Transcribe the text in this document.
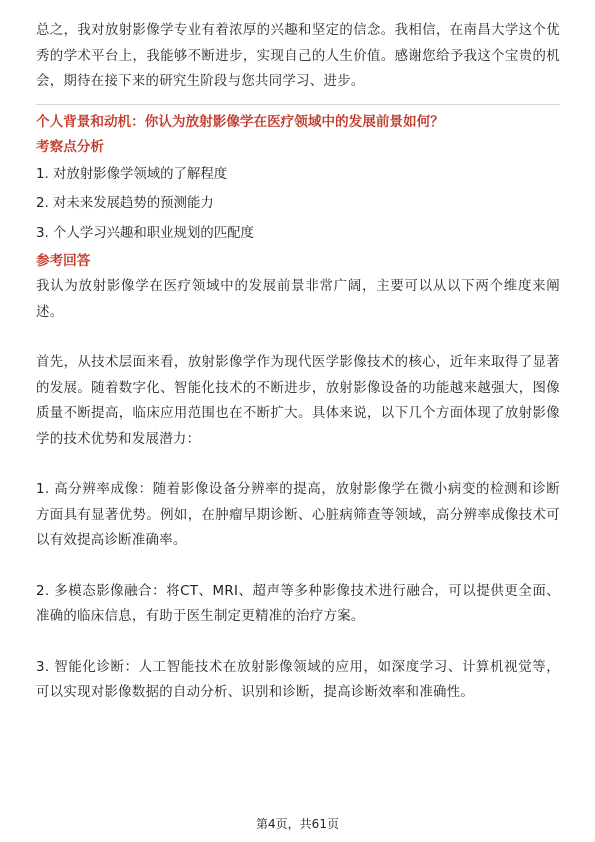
总之，我对放射影像学专业有着浓厚的兴趣和坚定的信念。我相信，在南昌大学这个优秀的学术平台上，我能够不断进步，实现自己的人生价值。感谢您给予我这个宝贵的机会，期待在接下来的研究生阶段与您共同学习、进步。

个人背景和动机：你认为放射影像学在医疗领域中的发展前景如何？

考察点分析

1. 对放射影像学领域的了解程度

2. 对未来发展趋势的预测能力

3. 个人学习兴趣和职业规划的匹配度

参考回答

我认为放射影像学在医疗领域中的发展前景非常广阔，主要可以从以下两个维度来阐述。

首先，从技术层面来看，放射影像学作为现代医学影像技术的核心，近年来取得了显著的发展。随着数字化、智能化技术的不断进步，放射影像设备的功能越来越强大，图像质量不断提高，临床应用范围也在不断扩大。具体来说，以下几个方面体现了放射影像学的技术优势和发展潜力：

1. 高分辨率成像：随着影像设备分辨率的提高，放射影像学在微小病变的检测和诊断方面具有显著优势。例如，在肿瘤早期诊断、心脏病筛查等领域，高分辨率成像技术可以有效提高诊断准确率。

2. 多模态影像融合：将CT、MRI、超声等多种影像技术进行融合，可以提供更全面、准确的临床信息，有助于医生制定更精准的治疗方案。

3. 智能化诊断：人工智能技术在放射影像领域的应用，如深度学习、计算机视觉等，可以实现对影像数据的自动分析、识别和诊断，提高诊断效率和准确性。

第4页，共61页
